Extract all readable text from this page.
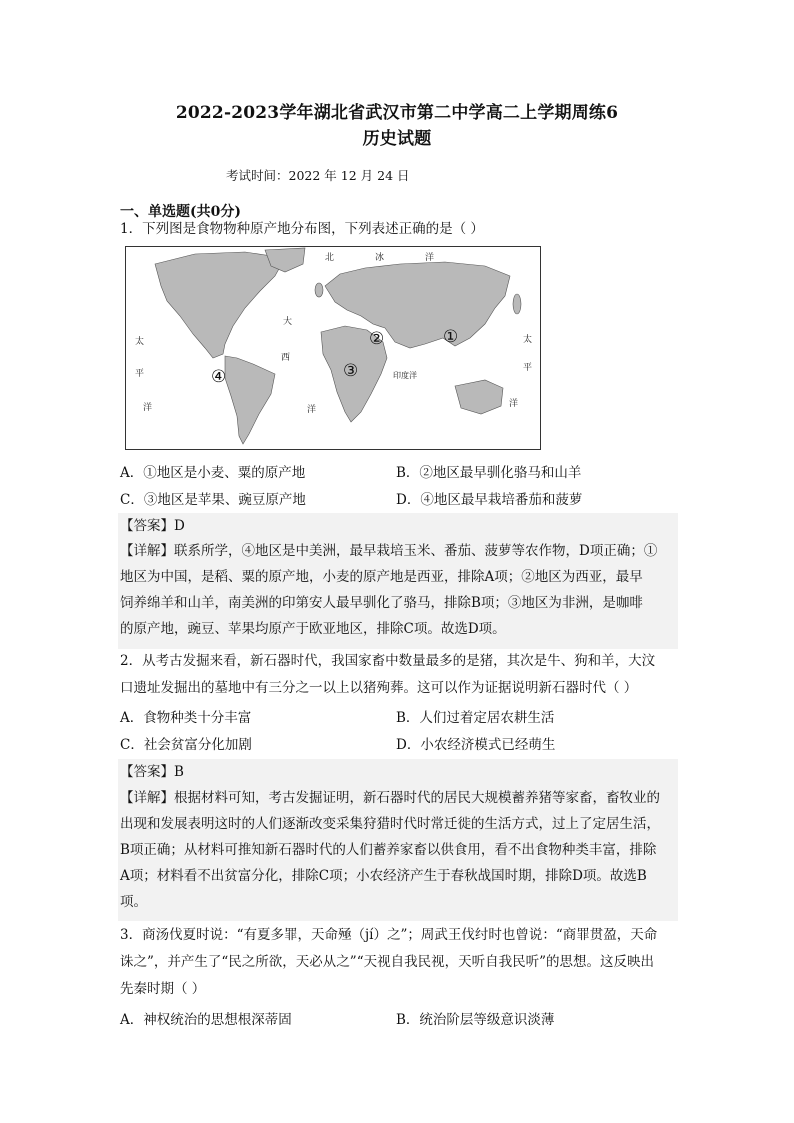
2022-2023学年湖北省武汉市第二中学高二上学期周练6
历史试题
考试时间：2022 年 12 月 24 日
一、单选题(共0分)
1．下列图是食物物种原产地分布图，下列表述正确的是（ ）
北	冰	洋
太
平
洋
大
西
洋
太
平
洋
印度洋
①
②
③
④
A．①地区是小麦、粟的原产地	B．②地区最早驯化骆马和山羊
C．③地区是苹果、豌豆原产地	D．④地区最早栽培番茄和菠萝
【答案】D
【详解】联系所学，④地区是中美洲，最早栽培玉米、番茄、菠萝等农作物，D项正确；①
地区为中国，是稻、粟的原产地，小麦的原产地是西亚，排除A项；②地区为西亚，最早
饲养绵羊和山羊，南美洲的印第安人最早驯化了骆马，排除B项；③地区为非洲，是咖啡
的原产地，豌豆、苹果均原产于欧亚地区，排除C项。故选D项。
2．从考古发掘来看，新石器时代，我国家畜中数量最多的是猪，其次是牛、狗和羊，大汶
口遗址发掘出的墓地中有三分之一以上以猪殉葬。这可以作为证据说明新石器时代（ ）
A．食物种类十分丰富	B．人们过着定居农耕生活
C．社会贫富分化加剧	D．小农经济模式已经萌生
【答案】B
【详解】根据材料可知，考古发掘证明，新石器时代的居民大规模蓄养猪等家畜，畜牧业的
出现和发展表明这时的人们逐渐改变采集狩猎时代时常迁徙的生活方式，过上了定居生活，
B项正确；从材料可推知新石器时代的人们蓄养家畜以供食用，看不出食物种类丰富，排除
A项；材料看不出贫富分化，排除C项；小农经济产生于春秋战国时期，排除D项。故选B
项。
3．商汤伐夏时说：“有夏多罪，天命殛（jí）之”；周武王伐纣时也曾说：“商罪贯盈，天命
诛之”，并产生了“民之所欲，天必从之”“天视自我民视，天听自我民听”的思想。这反映出
先秦时期（ ）
A．神权统治的思想根深蒂固	B．统治阶层等级意识淡薄
